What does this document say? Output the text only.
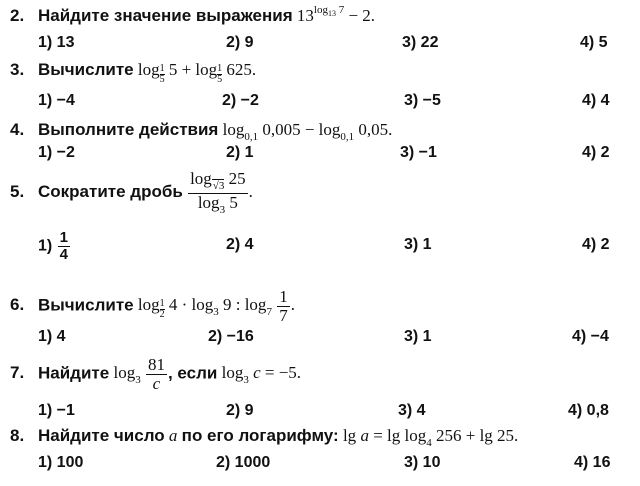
2. Найдите значение выражения $13^{log_{13} 7} - 2$.
1) 13	2) 9	3) 22	4) 5
3. Вычислите $\log \frac{1}{5} 5 + \log \frac{1}{5} 625$.
1) −4	2) −2	3) −5	4) 4
4. Выполните действия $\log_{0,1} 0,005 - \log_{0,1} 0,05$.
1) −2	2) 1	3) −1	4) 2
5. Сократите дробь $\frac{\log_{√3} 25}{\log_3 5}$ .
$1) \frac{1}{4}$	2) 4	3) 1	4) 2
6. Вычислите $\log \frac{1}{2} 4 \cdot \log_3 9$ : $\log_7 \frac{1}{7}$ .
1) 4	2) −16	3) 1	4) −4
7. Найдите $\log_3 \frac{81}{c}$ , если $\log_3 c = -5$.
1) −1	2) 9	3) 4	4) 0,8
8. Найдите число a по его логарифму: $\lg a = \lg \log_4 256 + \lg 25$.
1) 100	2) 1000	3) 10	4) 16
